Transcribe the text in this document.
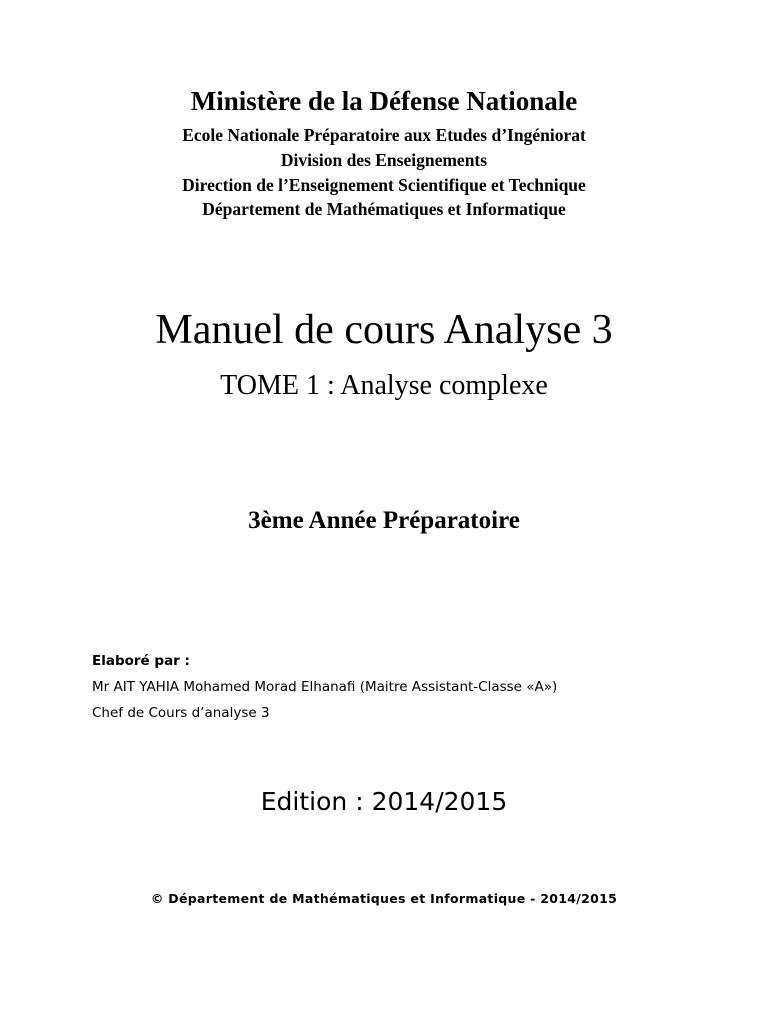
Ministère de la Défense Nationale
Ecole Nationale Préparatoire aux Etudes d’Ingéniorat
Division des Enseignements
Direction de l’Enseignement Scientifique et Technique
Département de Mathématiques et Informatique
Manuel de cours Analyse 3
TOME 1 : Analyse complexe
3ème Année Préparatoire
Elaboré par :
Mr AIT YAHIA Mohamed Morad Elhanafi (Maitre Assistant-Classe «A»)
Chef de Cours d’analyse 3
Edition : 2014/2015
© Département de Mathématiques et Informatique - 2014/2015
